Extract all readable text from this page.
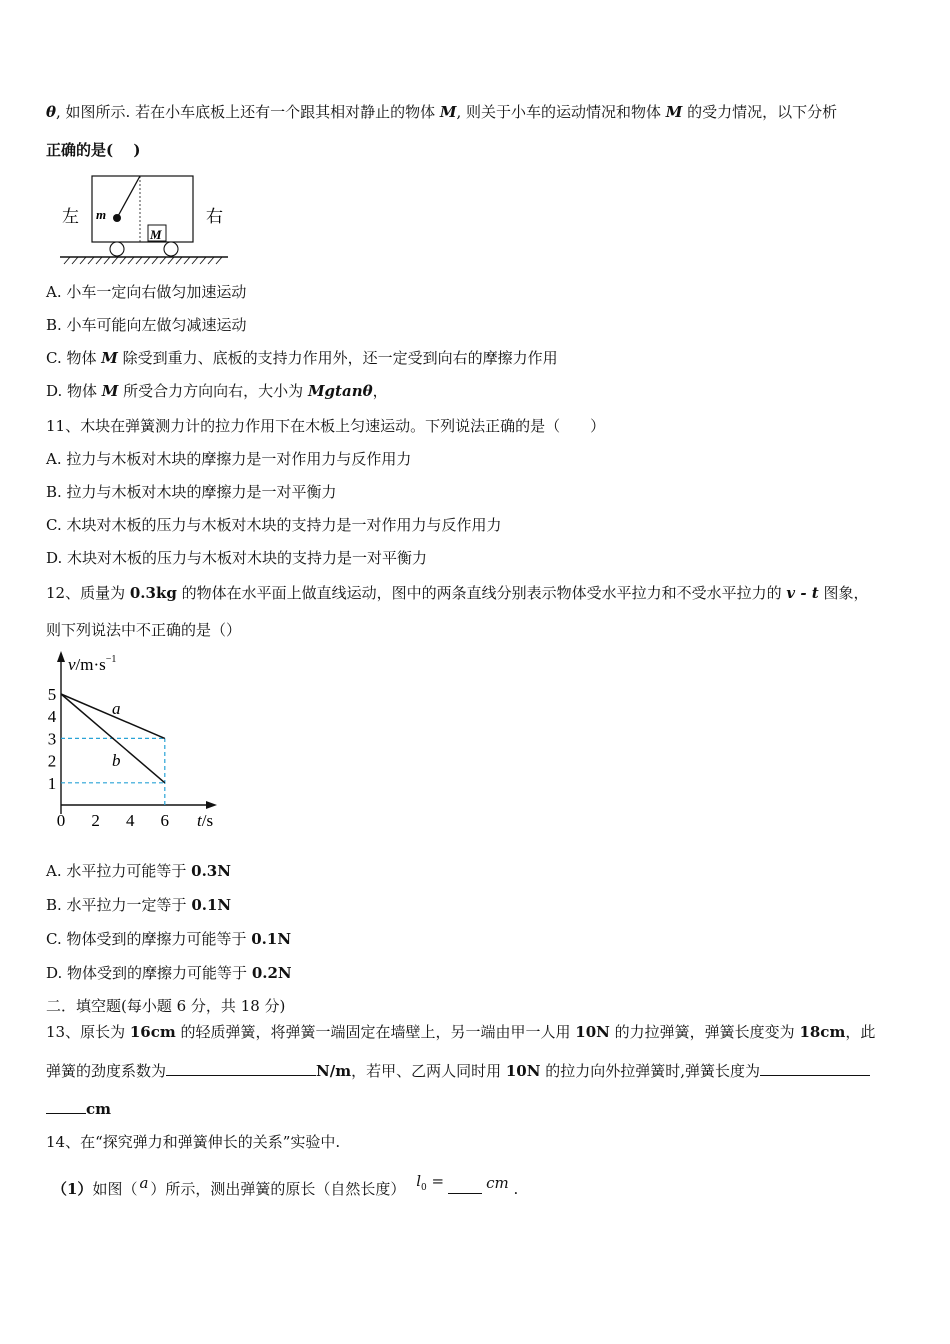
θ, 如图所示. 若在小车底板上还有一个跟其相对静止的物体 M, 则关于小车的运动情况和物体 M 的受力情况，以下分析
正确的是(　 )
左	右
m
M
A. 小车一定向右做匀加速运动
B. 小车可能向左做匀减速运动
C. 物体 M 除受到重力、底板的支持力作用外，还一定受到向右的摩擦力作用
D. 物体 M 所受合力方向向右，大小为 Mgtanθ，
11、木块在弹簧测力计的拉力作用下在木板上匀速运动。下列说法正确的是（　　）
A. 拉力与木板对木块的摩擦力是一对作用力与反作用力
B. 拉力与木板对木块的摩擦力是一对平衡力
C. 木块对木板的压力与木板对木块的支持力是一对作用力与反作用力
D. 木块对木板的压力与木板对木块的支持力是一对平衡力
12、质量为 0.3kg 的物体在水平面上做直线运动，图中的两条直线分别表示物体受水平拉力和不受水平拉力的 v - t 图象，
则下列说法中不正确的是（）
$v/m\cdot s^{-1}$
t/s
a
b
1
2
3
4
5
0 2 4 6
A. 水平拉力可能等于 0.3N
B. 水平拉力一定等于 0.1N
C. 物体受到的摩擦力可能等于 0.1N
D. 物体受到的摩擦力可能等于 0.2N
二．填空题(每小题 6 分，共 18 分)
13、原长为 16cm 的轻质弹簧，将弹簧一端固定在墙壁上，另一端由甲一人用 10N 的力拉弹簧，弹簧长度变为 18cm，此
弹簧的劲度系数为	N/m，若甲、乙两人同时用 10N 的拉力向外拉弹簧时,弹簧长度为
cm
14、在“探究弹力和弹簧伸长的关系”实验中.
（1）如图（ a ）所示，测出弹簧的原长（自然长度） $l_0$ =	cm .
